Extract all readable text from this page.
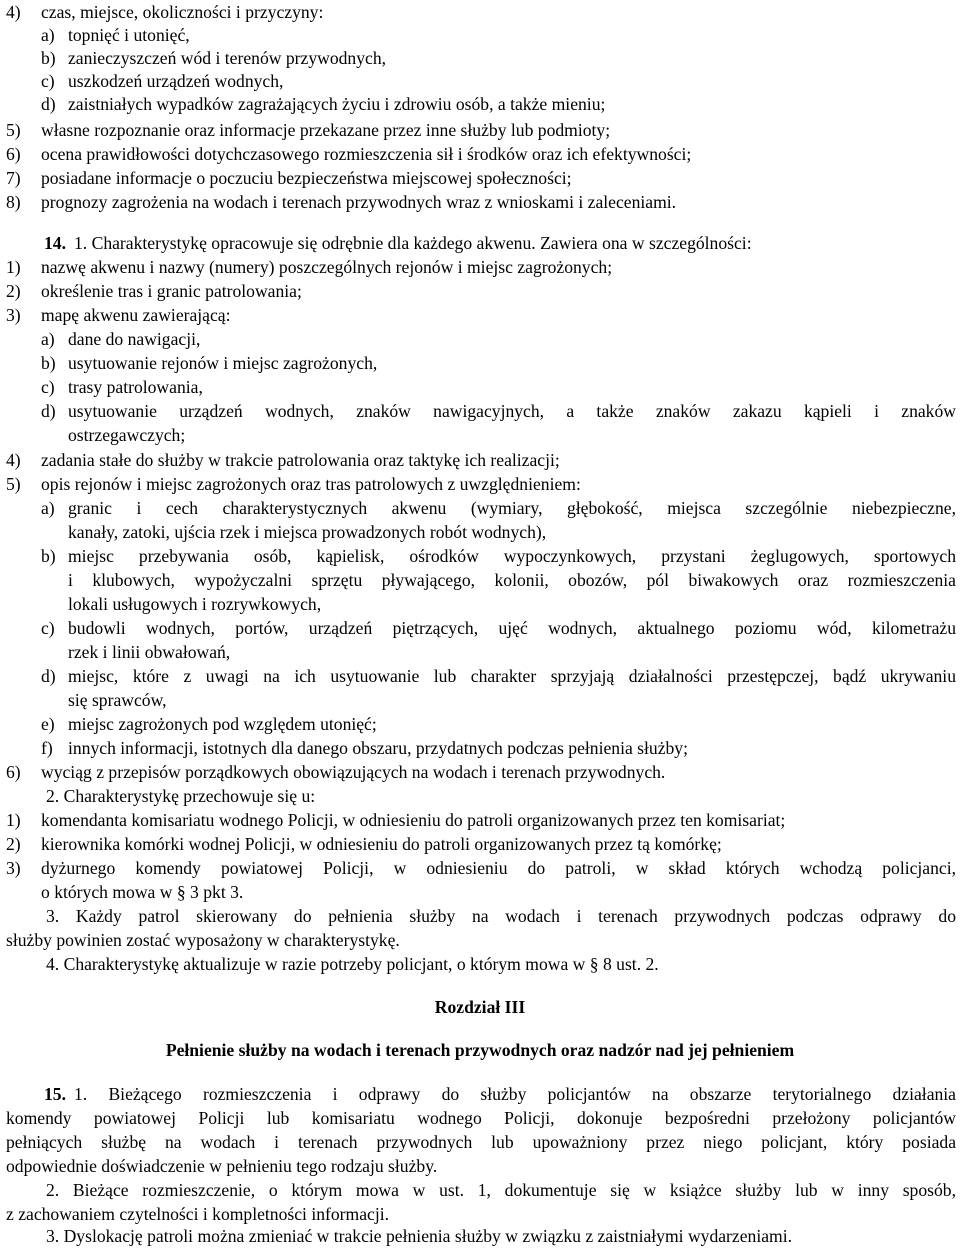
4) czas, miejsce, okoliczności i przyczyny:
a) topnięć i utonięć,
b) zanieczyszczeń wód i terenów przywodnych,
c) uszkodzeń urządzeń wodnych,
d) zaistniałych wypadków zagrażających życiu i zdrowiu osób, a także mieniu;
5) własne rozpoznanie oraz informacje przekazane przez inne służby lub podmioty;
6) ocena prawidłowości dotychczasowego rozmieszczenia sił i środków oraz ich efektywności;
7) posiadane informacje o poczuciu bezpieczeństwa miejscowej społeczności;
8) prognozy zagrożenia na wodach i terenach przywodnych wraz z wnioskami i zaleceniami.
14. 1. Charakterystykę opracowuje się odrębnie dla każdego akwenu. Zawiera ona w szczególności:
1) nazwę akwenu i nazwy (numery) poszczególnych rejonów i miejsc zagrożonych;
2) określenie tras i granic patrolowania;
3) mapę akwenu zawierającą:
a) dane do nawigacji,
b) usytuowanie rejonów i miejsc zagrożonych,
c) trasy patrolowania,
d) usytuowanie urządzeń wodnych, znaków nawigacyjnych, a także znaków zakazu kąpieli i znaków
ostrzegawczych;
4) zadania stałe do służby w trakcie patrolowania oraz taktykę ich realizacji;
5) opis rejonów i miejsc zagrożonych oraz tras patrolowych z uwzględnieniem:
a) granic i cech charakterystycznych akwenu (wymiary, głębokość, miejsca szczególnie niebezpieczne,
kanały, zatoki, ujścia rzek i miejsca prowadzonych robót wodnych),
b) miejsc przebywania osób, kąpielisk, ośrodków wypoczynkowych, przystani żeglugowych, sportowych
i klubowych, wypożyczalni sprzętu pływającego, kolonii, obozów, pól biwakowych oraz rozmieszczenia
lokali usługowych i rozrywkowych,
c) budowli wodnych, portów, urządzeń piętrzących, ujęć wodnych, aktualnego poziomu wód, kilometrażu
rzek i linii obwałowań,
d) miejsc, które z uwagi na ich usytuowanie lub charakter sprzyjają działalności przestępczej, bądź ukrywaniu
się sprawców,
e) miejsc zagrożonych pod względem utonięć;
f) innych informacji, istotnych dla danego obszaru, przydatnych podczas pełnienia służby;
6) wyciąg z przepisów porządkowych obowiązujących na wodach i terenach przywodnych.
2. Charakterystykę przechowuje się u:
1) komendanta komisariatu wodnego Policji, w odniesieniu do patroli organizowanych przez ten komisariat;
2) kierownika komórki wodnej Policji, w odniesieniu do patroli organizowanych przez tą komórkę;
3) dyżurnego komendy powiatowej Policji, w odniesieniu do patroli, w skład których wchodzą policjanci,
o których mowa w § 3 pkt 3.
3. Każdy patrol skierowany do pełnienia służby na wodach i terenach przywodnych podczas odprawy do
służby powinien zostać wyposażony w charakterystykę.
4. Charakterystykę aktualizuje w razie potrzeby policjant, o którym mowa w § 8 ust. 2.
Rozdział III
Pełnienie służby na wodach i terenach przywodnych oraz nadzór nad jej pełnieniem
15. 1. Bieżącego rozmieszczenia i odprawy do służby policjantów na obszarze terytorialnego działania
komendy powiatowej Policji lub komisariatu wodnego Policji, dokonuje bezpośredni przełożony policjantów
pełniących służbę na wodach i terenach przywodnych lub upoważniony przez niego policjant, który posiada
odpowiednie doświadczenie w pełnieniu tego rodzaju służby.
2. Bieżące rozmieszczenie, o którym mowa w ust. 1, dokumentuje się w książce służby lub w inny sposób,
z zachowaniem czytelności i kompletności informacji.
3. Dyslokację patroli można zmieniać w trakcie pełnienia służby w związku z zaistniałymi wydarzeniami.
